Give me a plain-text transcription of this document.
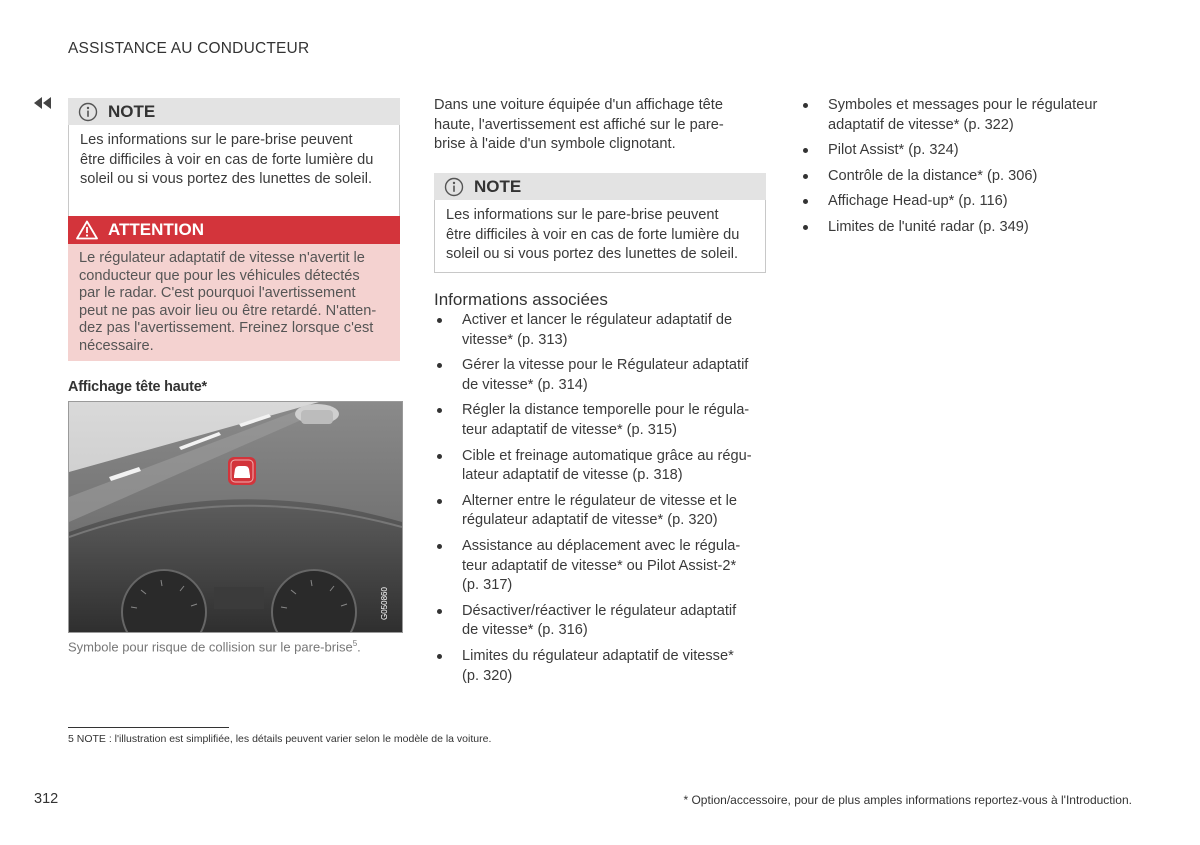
ASSISTANCE AU CONDUCTEUR
NOTE
Les informations sur le pare-brise peuvent
être difficiles à voir en cas de forte lumière du
soleil ou si vous portez des lunettes de soleil.
ATTENTION
Le régulateur adaptatif de vitesse n'avertit le
conducteur que pour les véhicules détectés
par le radar. C'est pourquoi l'avertissement
peut ne pas avoir lieu ou être retardé. N'atten-
dez pas l'avertissement. Freinez lorsque c'est
nécessaire.
Affichage tête haute*
G050860
Symbole pour risque de collision sur le pare-brise$^5$.
Dans une voiture équipée d'un affichage tête
haute, l'avertissement est affiché sur le pare-
brise à l'aide d'un symbole clignotant.
NOTE
Les informations sur le pare-brise peuvent
être difficiles à voir en cas de forte lumière du
soleil ou si vous portez des lunettes de soleil.
Informations associées
Activer et lancer le régulateur adaptatif de
vitesse* (p. 313)
Gérer la vitesse pour le Régulateur adaptatif
de vitesse* (p. 314)
Régler la distance temporelle pour le régula-
teur adaptatif de vitesse* (p. 315)
Cible et freinage automatique grâce au régu-
lateur adaptatif de vitesse (p. 318)
Alterner entre le régulateur de vitesse et le
régulateur adaptatif de vitesse* (p. 320)
Assistance au déplacement avec le régula-
teur adaptatif de vitesse* ou Pilot Assist-2*
(p. 317)
Désactiver/réactiver le régulateur adaptatif
de vitesse* (p. 316)
Limites du régulateur adaptatif de vitesse*
(p. 320)
Symboles et messages pour le régulateur
adaptatif de vitesse* (p. 322)
Pilot Assist* (p. 324)
Contrôle de la distance* (p. 306)
Affichage Head-up* (p. 116)
Limites de l'unité radar (p. 349)
5 NOTE : l'illustration est simplifiée, les détails peuvent varier selon le modèle de la voiture.
312	* Option/accessoire, pour de plus amples informations reportez-vous à l'Introduction.
